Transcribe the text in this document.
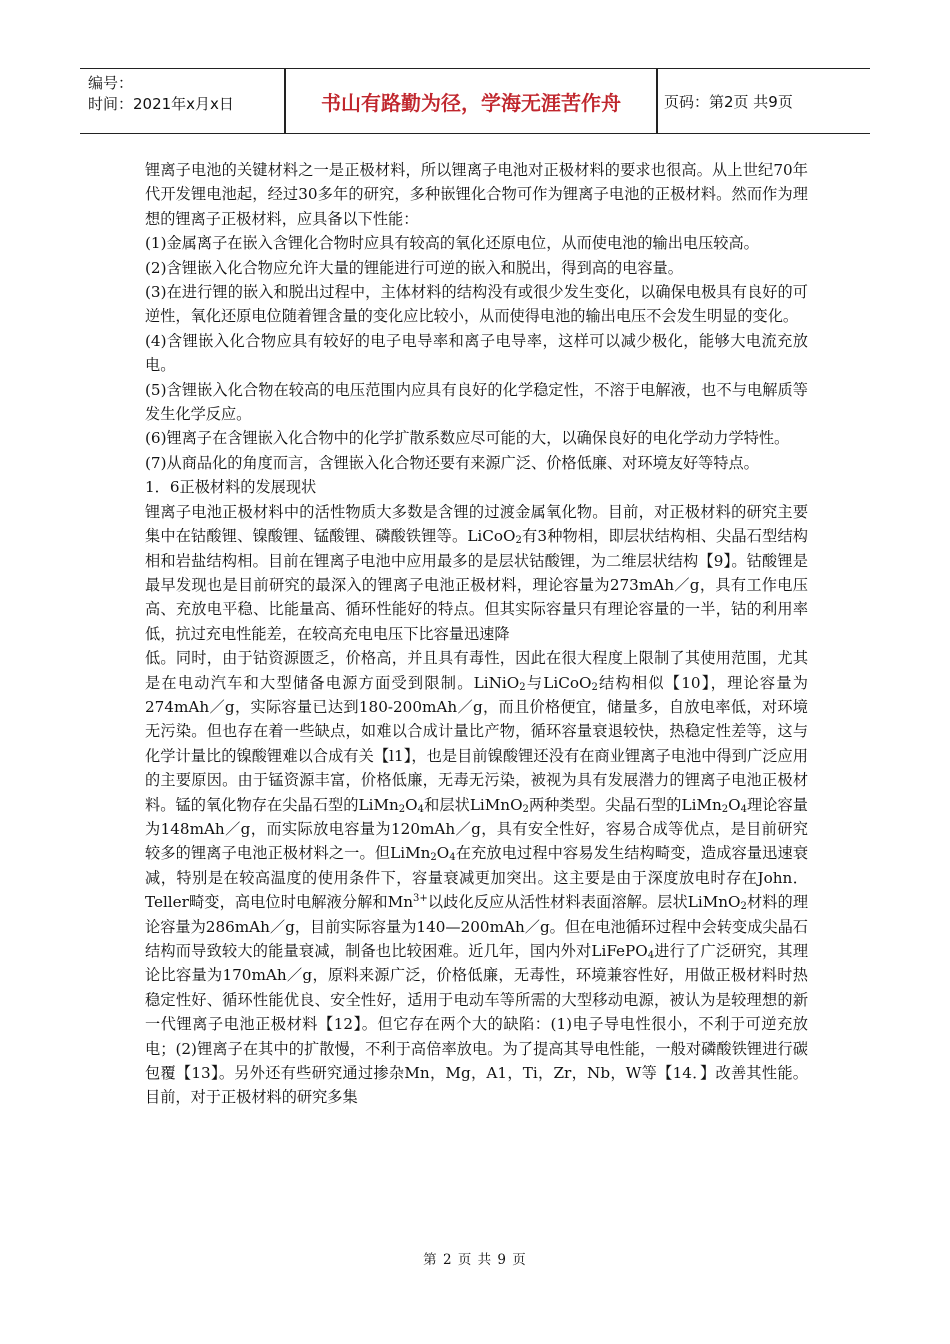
编号：
时间：2021年x月x日	书山有路勤为径，学海无涯苦作舟	页码：第2页 共9页

锂离子电池的关键材料之一是正极材料，所以锂离子电池对正极材料的要求也很高。从上世纪70年代开发锂电池起，经过30多年的研究，多种嵌锂化合物可作为锂离子电池的正极材料。然而作为理想的锂离子正极材料，应具备以下性能：

(1)金属离子在嵌入含锂化合物时应具有较高的氧化还原电位，从而使电池的输出电压较高。

(2)含锂嵌入化合物应允许大量的锂能进行可逆的嵌入和脱出，得到高的电容量。

(3)在进行锂的嵌入和脱出过程中，主体材料的结构没有或很少发生变化，以确保电极具有良好的可逆性，氧化还原电位随着锂含量的变化应比较小，从而使得电池的输出电压不会发生明显的变化。

(4)含锂嵌入化合物应具有较好的电子电导率和离子电导率，这样可以减少极化，能够大电流充放电。

(5)含锂嵌入化合物在较高的电压范围内应具有良好的化学稳定性，不溶于电解液，也不与电解质等发生化学反应。

(6)锂离子在含锂嵌入化合物中的化学扩散系数应尽可能的大，以确保良好的电化学动力学特性。

(7)从商品化的角度而言，含锂嵌入化合物还要有来源广泛、价格低廉、对环境友好等特点。

1．6正极材料的发展现状

锂离子电池正极材料中的活性物质大多数是含锂的过渡金属氧化物。目前，对正极材料的研究主要集中在钴酸锂、镍酸锂、锰酸锂、磷酸铁锂等。LiCoO$_2$有3种物相，即层状结构相、尖晶石型结构相和岩盐结构相。目前在锂离子电池中应用最多的是层状钴酸锂，为二维层状结构【9】。钴酸锂是最早发现也是目前研究的最深入的锂离子电池正极材料，理论容量为273mAh／g，具有工作电压高、充放电平稳、比能量高、循环性能好的特点。但其实际容量只有理论容量的一半，钴的利用率低，抗过充电性能差，在较高充电电压下比容量迅速降

低。同时，由于钴资源匮乏，价格高，并且具有毒性，因此在很大程度上限制了其使用范围，尤其是在电动汽车和大型储备电源方面受到限制。LiNiO$_2$与LiCoO$_2$结构相似【10】，理论容量为274mAh／g，实际容量已达到180-200mAh／g，而且价格便宜，储量多，自放电率低，对环境无污染。但也存在着一些缺点，如难以合成计量比产物，循环容量衰退较快，热稳定性差等，这与化学计量比的镍酸锂难以合成有关【l1】，也是目前镍酸锂还没有在商业锂离子电池中得到广泛应用的主要原因。由于锰资源丰富，价格低廉，无毒无污染，被视为具有发展潜力的锂离子电池正极材料。锰的氧化物存在尖晶石型的$LiMn_2O_4$和层状LiMnO$_2$两种类型。尖晶石型的$LiMn_2O_4$理论容量为148mAh／g，而实际放电容量为120mAh／g，具有安全性好，容易合成等优点，是目前研究较多的锂离子电池正极材料之一。但$LiMn_2O_4$在充放电过程中容易发生结构畸变，造成容量迅速衰减，特别是在较高温度的使用条件下，容量衰减更加突出。这主要是由于深度放电时存在John．Teller畸变，高电位时电解液分解和$Mn^{3+}$以歧化反应从活性材料表面溶解。层状LiMnO$_2$材料的理论容量为286mAh／g，目前实际容量为140—200mAh／g。但在电池循环过程中会转变成尖晶石结构而导致较大的能量衰减，制备也比较困难。近几年，国内外对LiFePO$_4$进行了广泛研究，其理论比容量为170mAh／g，原料来源广泛，价格低廉，无毒性，环境兼容性好，用做正极材料时热稳定性好、循环性能优良、安全性好，适用于电动车等所需的大型移动电源，被认为是较理想的新一代锂离子电池正极材料【12】。但它存在两个大的缺陷：(1)电子导电性很小，不利于可逆充放电；(2)锂离子在其中的扩散慢，不利于高倍率放电。为了提高其导电性能，一般对磷酸铁锂进行碳包覆【13】。另外还有些研究通过掺杂Mn，Mg，A1，Ti，Zr，Nb，W等【14．】改善其性能。目前，对于正极材料的研究多集

第 2 页 共 9 页
